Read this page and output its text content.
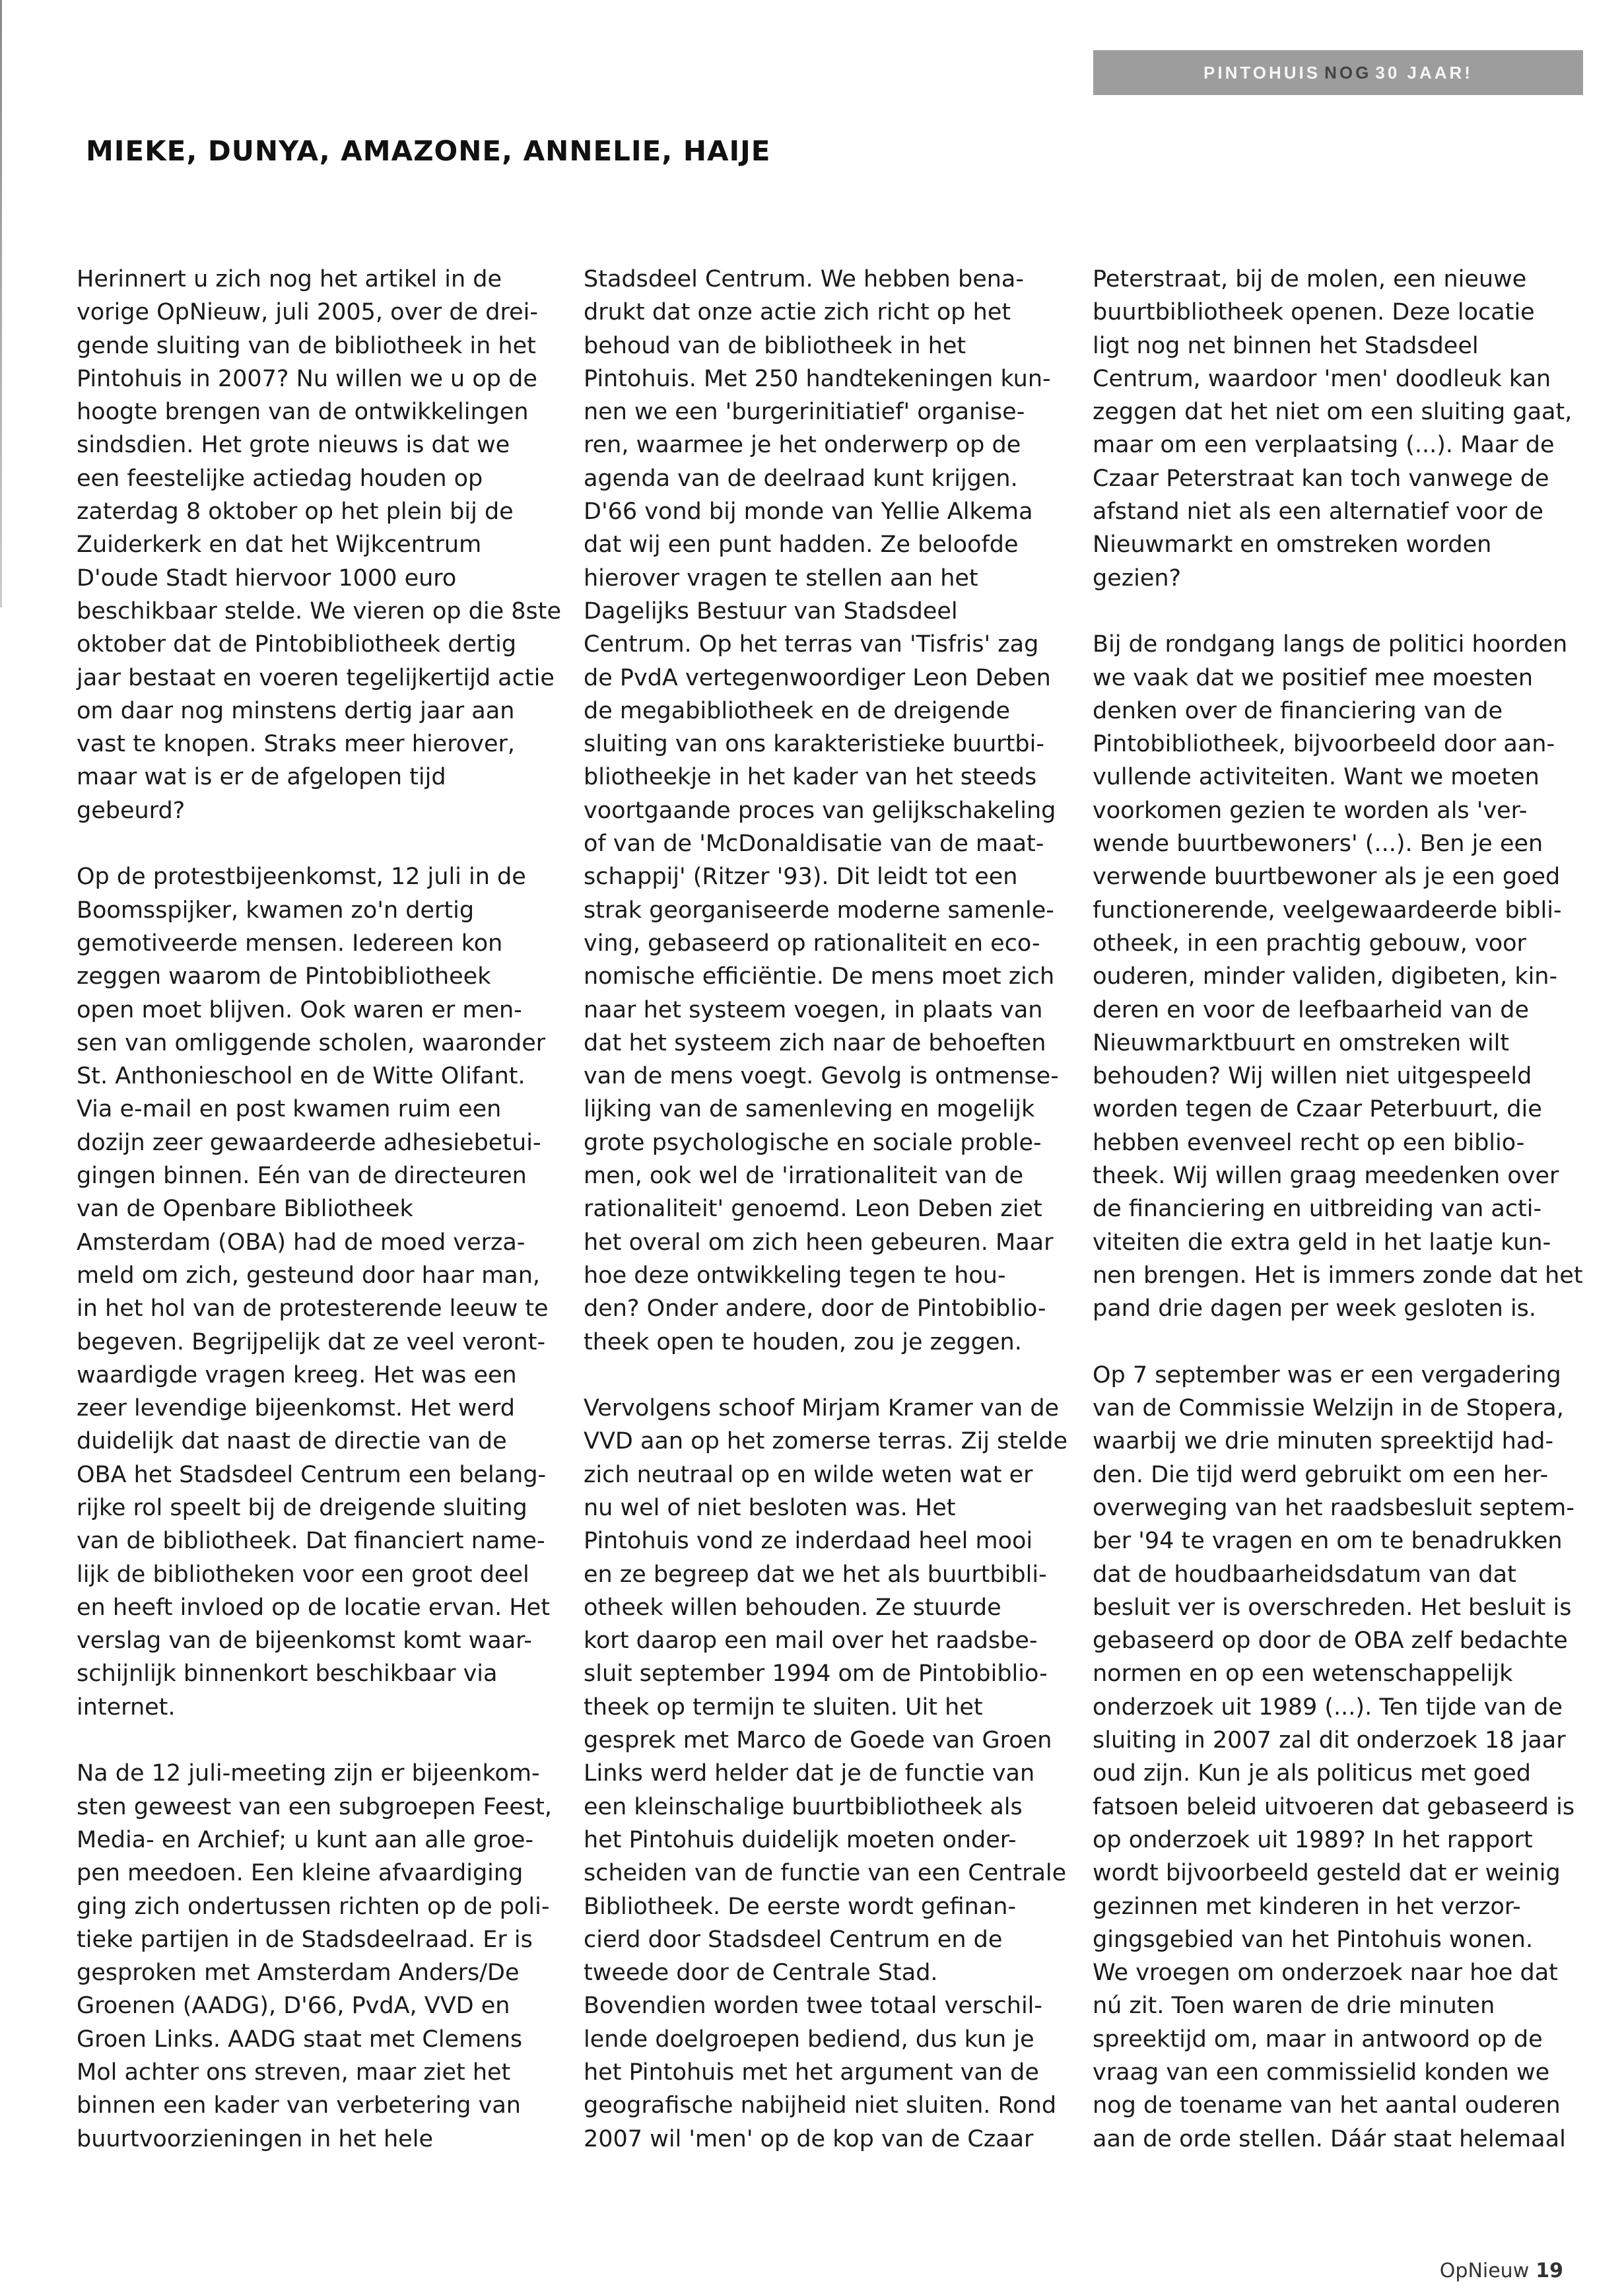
PINTOHUIS NOG 30 JAAR!
MIEKE, DUNYA, AMAZONE, ANNELIE, HAIJE
Herinnert u zich nog het artikel in de
vorige OpNieuw, juli 2005, over de drei-
gende sluiting van de bibliotheek in het
Pintohuis in 2007? Nu willen we u op de
hoogte brengen van de ontwikkelingen
sindsdien. Het grote nieuws is dat we
een feestelijke actiedag houden op
zaterdag 8 oktober op het plein bij de
Zuiderkerk en dat het Wijkcentrum
D'oude Stadt hiervoor 1000 euro
beschikbaar stelde. We vieren op die 8ste
oktober dat de Pintobibliotheek dertig
jaar bestaat en voeren tegelijkertijd actie
om daar nog minstens dertig jaar aan
vast te knopen. Straks meer hierover,
maar wat is er de afgelopen tijd
gebeurd?
Op de protestbijeenkomst, 12 juli in de
Boomsspijker, kwamen zo'n dertig
gemotiveerde mensen. Iedereen kon
zeggen waarom de Pintobibliotheek
open moet blijven. Ook waren er men-
sen van omliggende scholen, waaronder
St. Anthonieschool en de Witte Olifant.
Via e-mail en post kwamen ruim een
dozijn zeer gewaardeerde adhesiebetui-
gingen binnen. Eén van de directeuren
van de Openbare Bibliotheek
Amsterdam (OBA) had de moed verza-
meld om zich, gesteund door haar man,
in het hol van de protesterende leeuw te
begeven. Begrijpelijk dat ze veel veront-
waardigde vragen kreeg. Het was een
zeer levendige bijeenkomst. Het werd
duidelijk dat naast de directie van de
OBA het Stadsdeel Centrum een belang-
rijke rol speelt bij de dreigende sluiting
van de bibliotheek. Dat financiert name-
lijk de bibliotheken voor een groot deel
en heeft invloed op de locatie ervan. Het
verslag van de bijeenkomst komt waar-
schijnlijk binnenkort beschikbaar via
internet.
Na de 12 juli-meeting zijn er bijeenkom-
sten geweest van een subgroepen Feest,
Media- en Archief; u kunt aan alle groe-
pen meedoen. Een kleine afvaardiging
ging zich ondertussen richten op de poli-
tieke partijen in de Stadsdeelraad. Er is
gesproken met Amsterdam Anders/De
Groenen (AADG), D'66, PvdA, VVD en
Groen Links. AADG staat met Clemens
Mol achter ons streven, maar ziet het
binnen een kader van verbetering van
buurtvoorzieningen in het hele
Stadsdeel Centrum. We hebben bena-
drukt dat onze actie zich richt op het
behoud van de bibliotheek in het
Pintohuis. Met 250 handtekeningen kun-
nen we een 'burgerinitiatief' organise-
ren, waarmee je het onderwerp op de
agenda van de deelraad kunt krijgen.
D'66 vond bij monde van Yellie Alkema
dat wij een punt hadden. Ze beloofde
hierover vragen te stellen aan het
Dagelijks Bestuur van Stadsdeel
Centrum. Op het terras van 'Tisfris' zag
de PvdA vertegenwoordiger Leon Deben
de megabibliotheek en de dreigende
sluiting van ons karakteristieke buurtbi-
bliotheekje in het kader van het steeds
voortgaande proces van gelijkschakeling
of van de 'McDonaldisatie van de maat-
schappij' (Ritzer '93). Dit leidt tot een
strak georganiseerde moderne samenle-
ving, gebaseerd op rationaliteit en eco-
nomische efficiëntie. De mens moet zich
naar het systeem voegen, in plaats van
dat het systeem zich naar de behoeften
van de mens voegt. Gevolg is ontmense-
lijking van de samenleving en mogelijk
grote psychologische en sociale proble-
men, ook wel de 'irrationaliteit van de
rationaliteit' genoemd. Leon Deben ziet
het overal om zich heen gebeuren. Maar
hoe deze ontwikkeling tegen te hou-
den? Onder andere, door de Pintobiblio-
theek open te houden, zou je zeggen.
Vervolgens schoof Mirjam Kramer van de
VVD aan op het zomerse terras. Zij stelde
zich neutraal op en wilde weten wat er
nu wel of niet besloten was. Het
Pintohuis vond ze inderdaad heel mooi
en ze begreep dat we het als buurtbibli-
otheek willen behouden. Ze stuurde
kort daarop een mail over het raadsbe-
sluit september 1994 om de Pintobiblio-
theek op termijn te sluiten. Uit het
gesprek met Marco de Goede van Groen
Links werd helder dat je de functie van
een kleinschalige buurtbibliotheek als
het Pintohuis duidelijk moeten onder-
scheiden van de functie van een Centrale
Bibliotheek. De eerste wordt gefinan-
cierd door Stadsdeel Centrum en de
tweede door de Centrale Stad.
Bovendien worden twee totaal verschil-
lende doelgroepen bediend, dus kun je
het Pintohuis met het argument van de
geografische nabijheid niet sluiten. Rond
2007 wil 'men' op de kop van de Czaar
Peterstraat, bij de molen, een nieuwe
buurtbibliotheek openen. Deze locatie
ligt nog net binnen het Stadsdeel
Centrum, waardoor 'men' doodleuk kan
zeggen dat het niet om een sluiting gaat,
maar om een verplaatsing (...). Maar de
Czaar Peterstraat kan toch vanwege de
afstand niet als een alternatief voor de
Nieuwmarkt en omstreken worden
gezien?
Bij de rondgang langs de politici hoorden
we vaak dat we positief mee moesten
denken over de financiering van de
Pintobibliotheek, bijvoorbeeld door aan-
vullende activiteiten. Want we moeten
voorkomen gezien te worden als 'ver-
wende buurtbewoners' (...). Ben je een
verwende buurtbewoner als je een goed
functionerende, veelgewaardeerde bibli-
otheek, in een prachtig gebouw, voor
ouderen, minder validen, digibeten, kin-
deren en voor de leefbaarheid van de
Nieuwmarktbuurt en omstreken wilt
behouden? Wij willen niet uitgespeeld
worden tegen de Czaar Peterbuurt, die
hebben evenveel recht op een biblio-
theek. Wij willen graag meedenken over
de financiering en uitbreiding van acti-
viteiten die extra geld in het laatje kun-
nen brengen. Het is immers zonde dat het
pand drie dagen per week gesloten is.
Op 7 september was er een vergadering
van de Commissie Welzijn in de Stopera,
waarbij we drie minuten spreektijd had-
den. Die tijd werd gebruikt om een her-
overweging van het raadsbesluit septem-
ber '94 te vragen en om te benadrukken
dat de houdbaarheidsdatum van dat
besluit ver is overschreden. Het besluit is
gebaseerd op door de OBA zelf bedachte
normen en op een wetenschappelijk
onderzoek uit 1989 (...). Ten tijde van de
sluiting in 2007 zal dit onderzoek 18 jaar
oud zijn. Kun je als politicus met goed
fatsoen beleid uitvoeren dat gebaseerd is
op onderzoek uit 1989? In het rapport
wordt bijvoorbeeld gesteld dat er weinig
gezinnen met kinderen in het verzor-
gingsgebied van het Pintohuis wonen.
We vroegen om onderzoek naar hoe dat
nú zit. Toen waren de drie minuten
spreektijd om, maar in antwoord op de
vraag van een commissielid konden we
nog de toename van het aantal ouderen
aan de orde stellen. Dáár staat helemaal
OpNieuw 19
